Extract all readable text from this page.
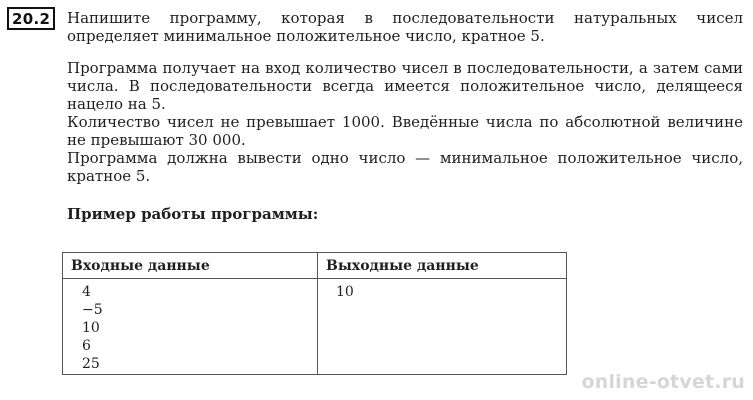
20.2	Напишите программу, которая в последовательности натуральных чисел определяет минимальное положительное число, кратное 5.

Программа получает на вход количество чисел в последовательности, а затем сами числа. В последовательности всегда имеется положительное число, делящееся нацело на 5.
Количество чисел не превышает 1000. Введённые числа по абсолютной величине не превышают 30 000.
Программа должна вывести одно число — минимальное положительное число, кратное 5.

Пример работы программы:

Входные данные
4
−5
10
6
25
Выходные данные
10
online-otvet.ru
